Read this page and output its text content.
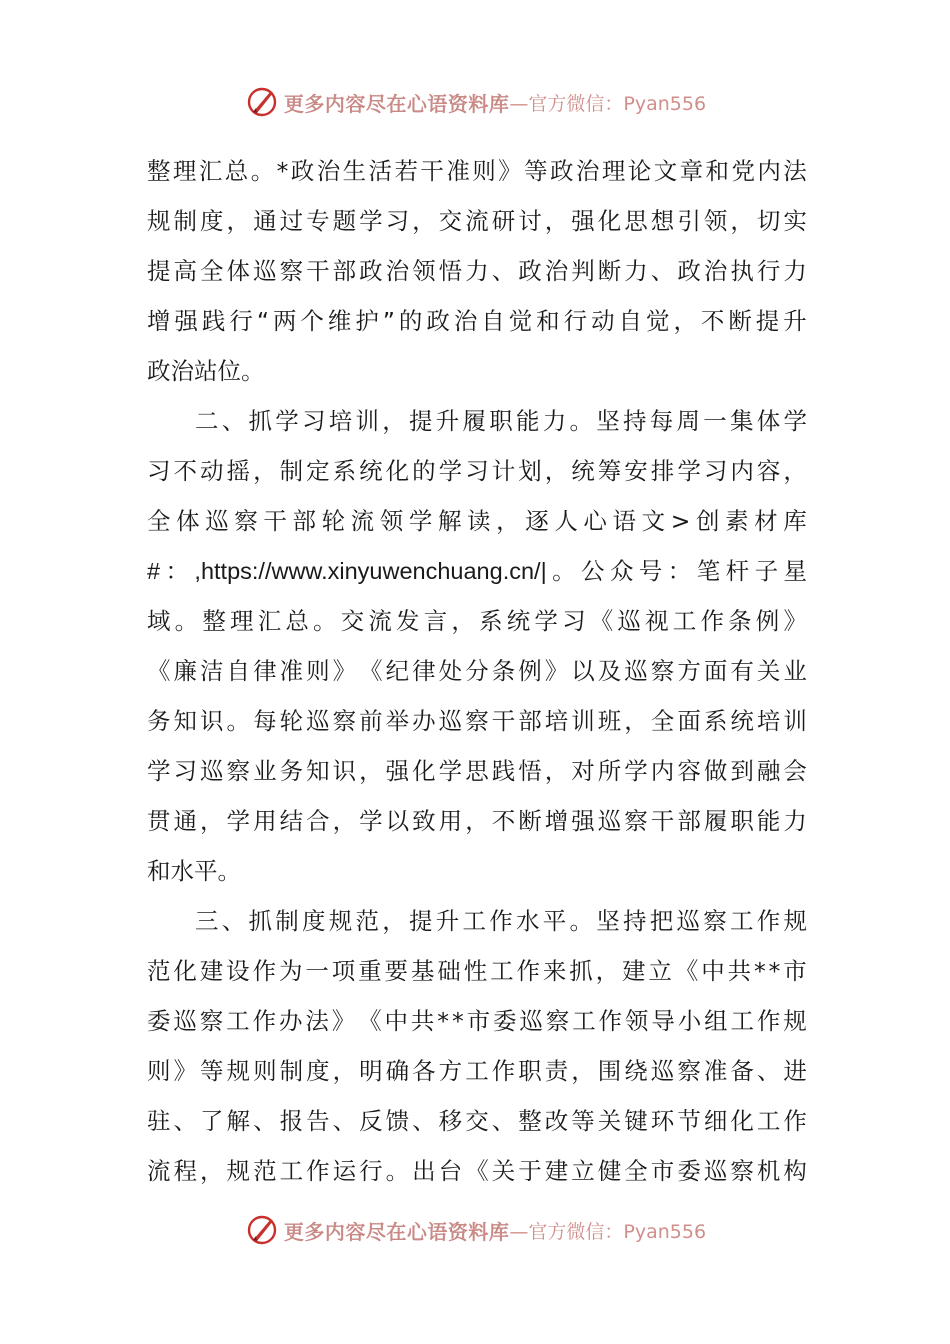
更多内容尽在心语资料库 —官方微信：Pyan556
整 理 汇 总 。 * 政 治 生 活 若 干 准 则 》 等 政 治 理 论 文 章 和 党 内 法
规 制 度 ， 通 过 专 题 学 习 ， 交 流 研 讨 ， 强 化 思 想 引 领 ， 切 实
提 高 全 体 巡 察 干 部 政 治 领 悟 力 、 政 治 判 断 力 、 政 治 执 行 力
增 强 践 行 “ 两 个 维 护 ” 的 政 治 自 觉 和 行 动 自 觉 ， 不 断 提 升
政治站位。
二 、 抓 学 习 培 训 ， 提 升 履 职 能 力 。 坚 持 每 周 一 集 体 学
习 不 动 摇 ， 制 定 系 统 化 的 学 习 计 划 ， 统 筹 安 排 学 习 内 容 ，
全 体 巡 察 干 部 轮 流 领 学 解 读 ， 逐 人 心 语 文 > 创 素 材 库
# ： ,https://www.xinyuwenchuang.cn/| 。 公 众 号 ： 笔 杆 子 星
域 。 整 理 汇 总 。 交 流 发 言 ， 系 统 学 习 《 巡 视 工 作 条 例 》
《 廉 洁 自 律 准 则 》 《 纪 律 处 分 条 例 》 以 及 巡 察 方 面 有 关 业
务 知 识 。 每 轮 巡 察 前 举 办 巡 察 干 部 培 训 班 ， 全 面 系 统 培 训
学 习 巡 察 业 务 知 识 ， 强 化 学 思 践 悟 ， 对 所 学 内 容 做 到 融 会
贯 通 ， 学 用 结 合 ， 学 以 致 用 ， 不 断 增 强 巡 察 干 部 履 职 能 力
和水平。
三 、 抓 制 度 规 范 ， 提 升 工 作 水 平 。 坚 持 把 巡 察 工 作 规
范 化 建 设 作 为 一 项 重 要 基 础 性 工 作 来 抓 ， 建 立 《 中 共 * * 市
委 巡 察 工 作 办 法 》 《 中 共 * * 市 委 巡 察 工 作 领 导 小 组 工 作 规
则 》 等 规 则 制 度 ， 明 确 各 方 工 作 职 责 ， 围 绕 巡 察 准 备 、 进
驻 、 了 解 、 报 告 、 反 馈 、 移 交 、 整 改 等 关 键 环 节 细 化 工 作
流 程 ， 规 范 工 作 运 行 。 出 台 《 关 于 建 立 健 全 市 委 巡 察 机 构
更多内容尽在心语资料库 —官方微信：Pyan556
